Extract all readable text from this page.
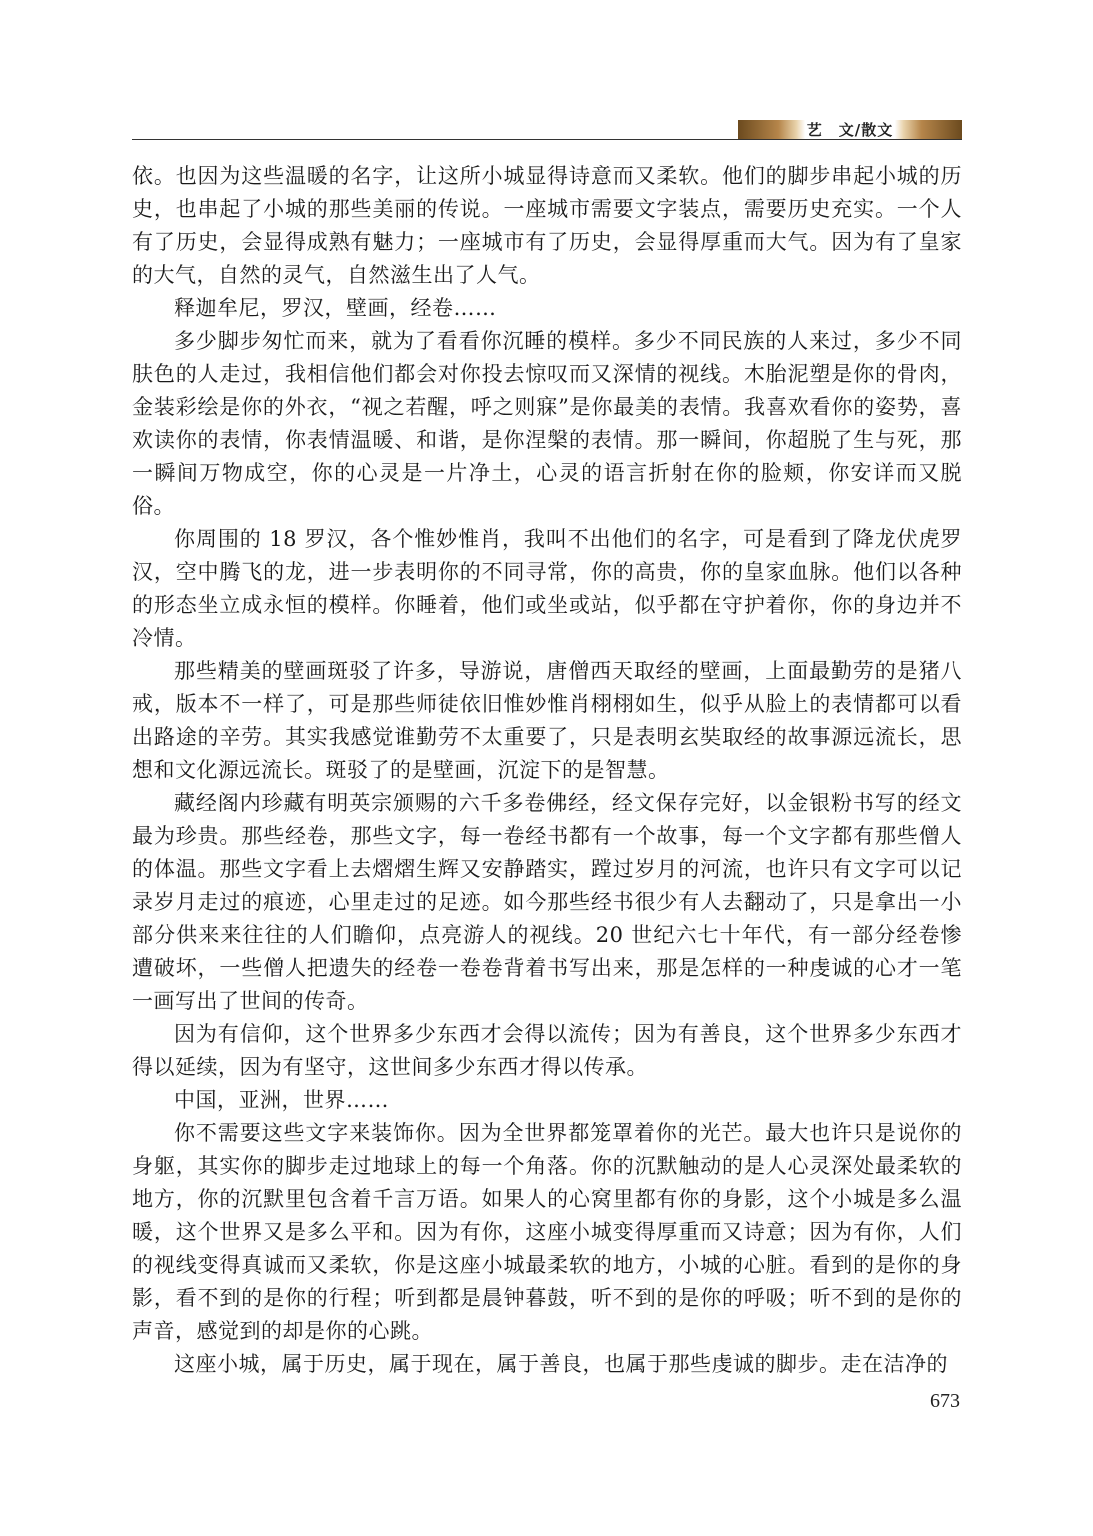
艺　文/散文

依。也因为这些温暖的名字，让这所小城显得诗意而又柔软。他们的脚步串起小城的历史，也串起了小城的那些美丽的传说。一座城市需要文字装点，需要历史充实。一个人有了历史，会显得成熟有魅力；一座城市有了历史，会显得厚重而大气。因为有了皇家的大气，自然的灵气，自然滋生出了人气。

释迦牟尼，罗汉，壁画，经卷……

多少脚步匆忙而来，就为了看看你沉睡的模样。多少不同民族的人来过，多少不同肤色的人走过，我相信他们都会对你投去惊叹而又深情的视线。木胎泥塑是你的骨肉，金装彩绘是你的外衣，“视之若醒，呼之则寐”是你最美的表情。我喜欢看你的姿势，喜欢读你的表情，你表情温暖、和谐，是你涅槃的表情。那一瞬间，你超脱了生与死，那一瞬间万物成空，你的心灵是一片净土，心灵的语言折射在你的脸颊，你安详而又脱俗。

你周围的 18 罗汉，各个惟妙惟肖，我叫不出他们的名字，可是看到了降龙伏虎罗汉，空中腾飞的龙，进一步表明你的不同寻常，你的高贵，你的皇家血脉。他们以各种的形态坐立成永恒的模样。你睡着，他们或坐或站，似乎都在守护着你，你的身边并不冷情。

那些精美的壁画斑驳了许多，导游说，唐僧西天取经的壁画，上面最勤劳的是猪八戒，版本不一样了，可是那些师徒依旧惟妙惟肖栩栩如生，似乎从脸上的表情都可以看出路途的辛劳。其实我感觉谁勤劳不太重要了，只是表明玄奘取经的故事源远流长，思想和文化源远流长。斑驳了的是壁画，沉淀下的是智慧。

藏经阁内珍藏有明英宗颁赐的六千多卷佛经，经文保存完好，以金银粉书写的经文最为珍贵。那些经卷，那些文字，每一卷经书都有一个故事，每一个文字都有那些僧人的体温。那些文字看上去熠熠生辉又安静踏实，蹚过岁月的河流，也许只有文字可以记录岁月走过的痕迹，心里走过的足迹。如今那些经书很少有人去翻动了，只是拿出一小部分供来来往往的人们瞻仰，点亮游人的视线。20 世纪六七十年代，有一部分经卷惨遭破坏，一些僧人把遗失的经卷一卷卷背着书写出来，那是怎样的一种虔诚的心才一笔一画写出了世间的传奇。

因为有信仰，这个世界多少东西才会得以流传；因为有善良，这个世界多少东西才得以延续，因为有坚守，这世间多少东西才得以传承。

中国，亚洲，世界……

你不需要这些文字来装饰你。因为全世界都笼罩着你的光芒。最大也许只是说你的身躯，其实你的脚步走过地球上的每一个角落。你的沉默触动的是人心灵深处最柔软的地方，你的沉默里包含着千言万语。如果人的心窝里都有你的身影，这个小城是多么温暖，这个世界又是多么平和。因为有你，这座小城变得厚重而又诗意；因为有你，人们的视线变得真诚而又柔软，你是这座小城最柔软的地方，小城的心脏。看到的是你的身影，看不到的是你的行程；听到都是晨钟暮鼓，听不到的是你的呼吸；听不到的是你的声音，感觉到的却是你的心跳。

这座小城，属于历史，属于现在，属于善良，也属于那些虔诚的脚步。走在洁净的

673
